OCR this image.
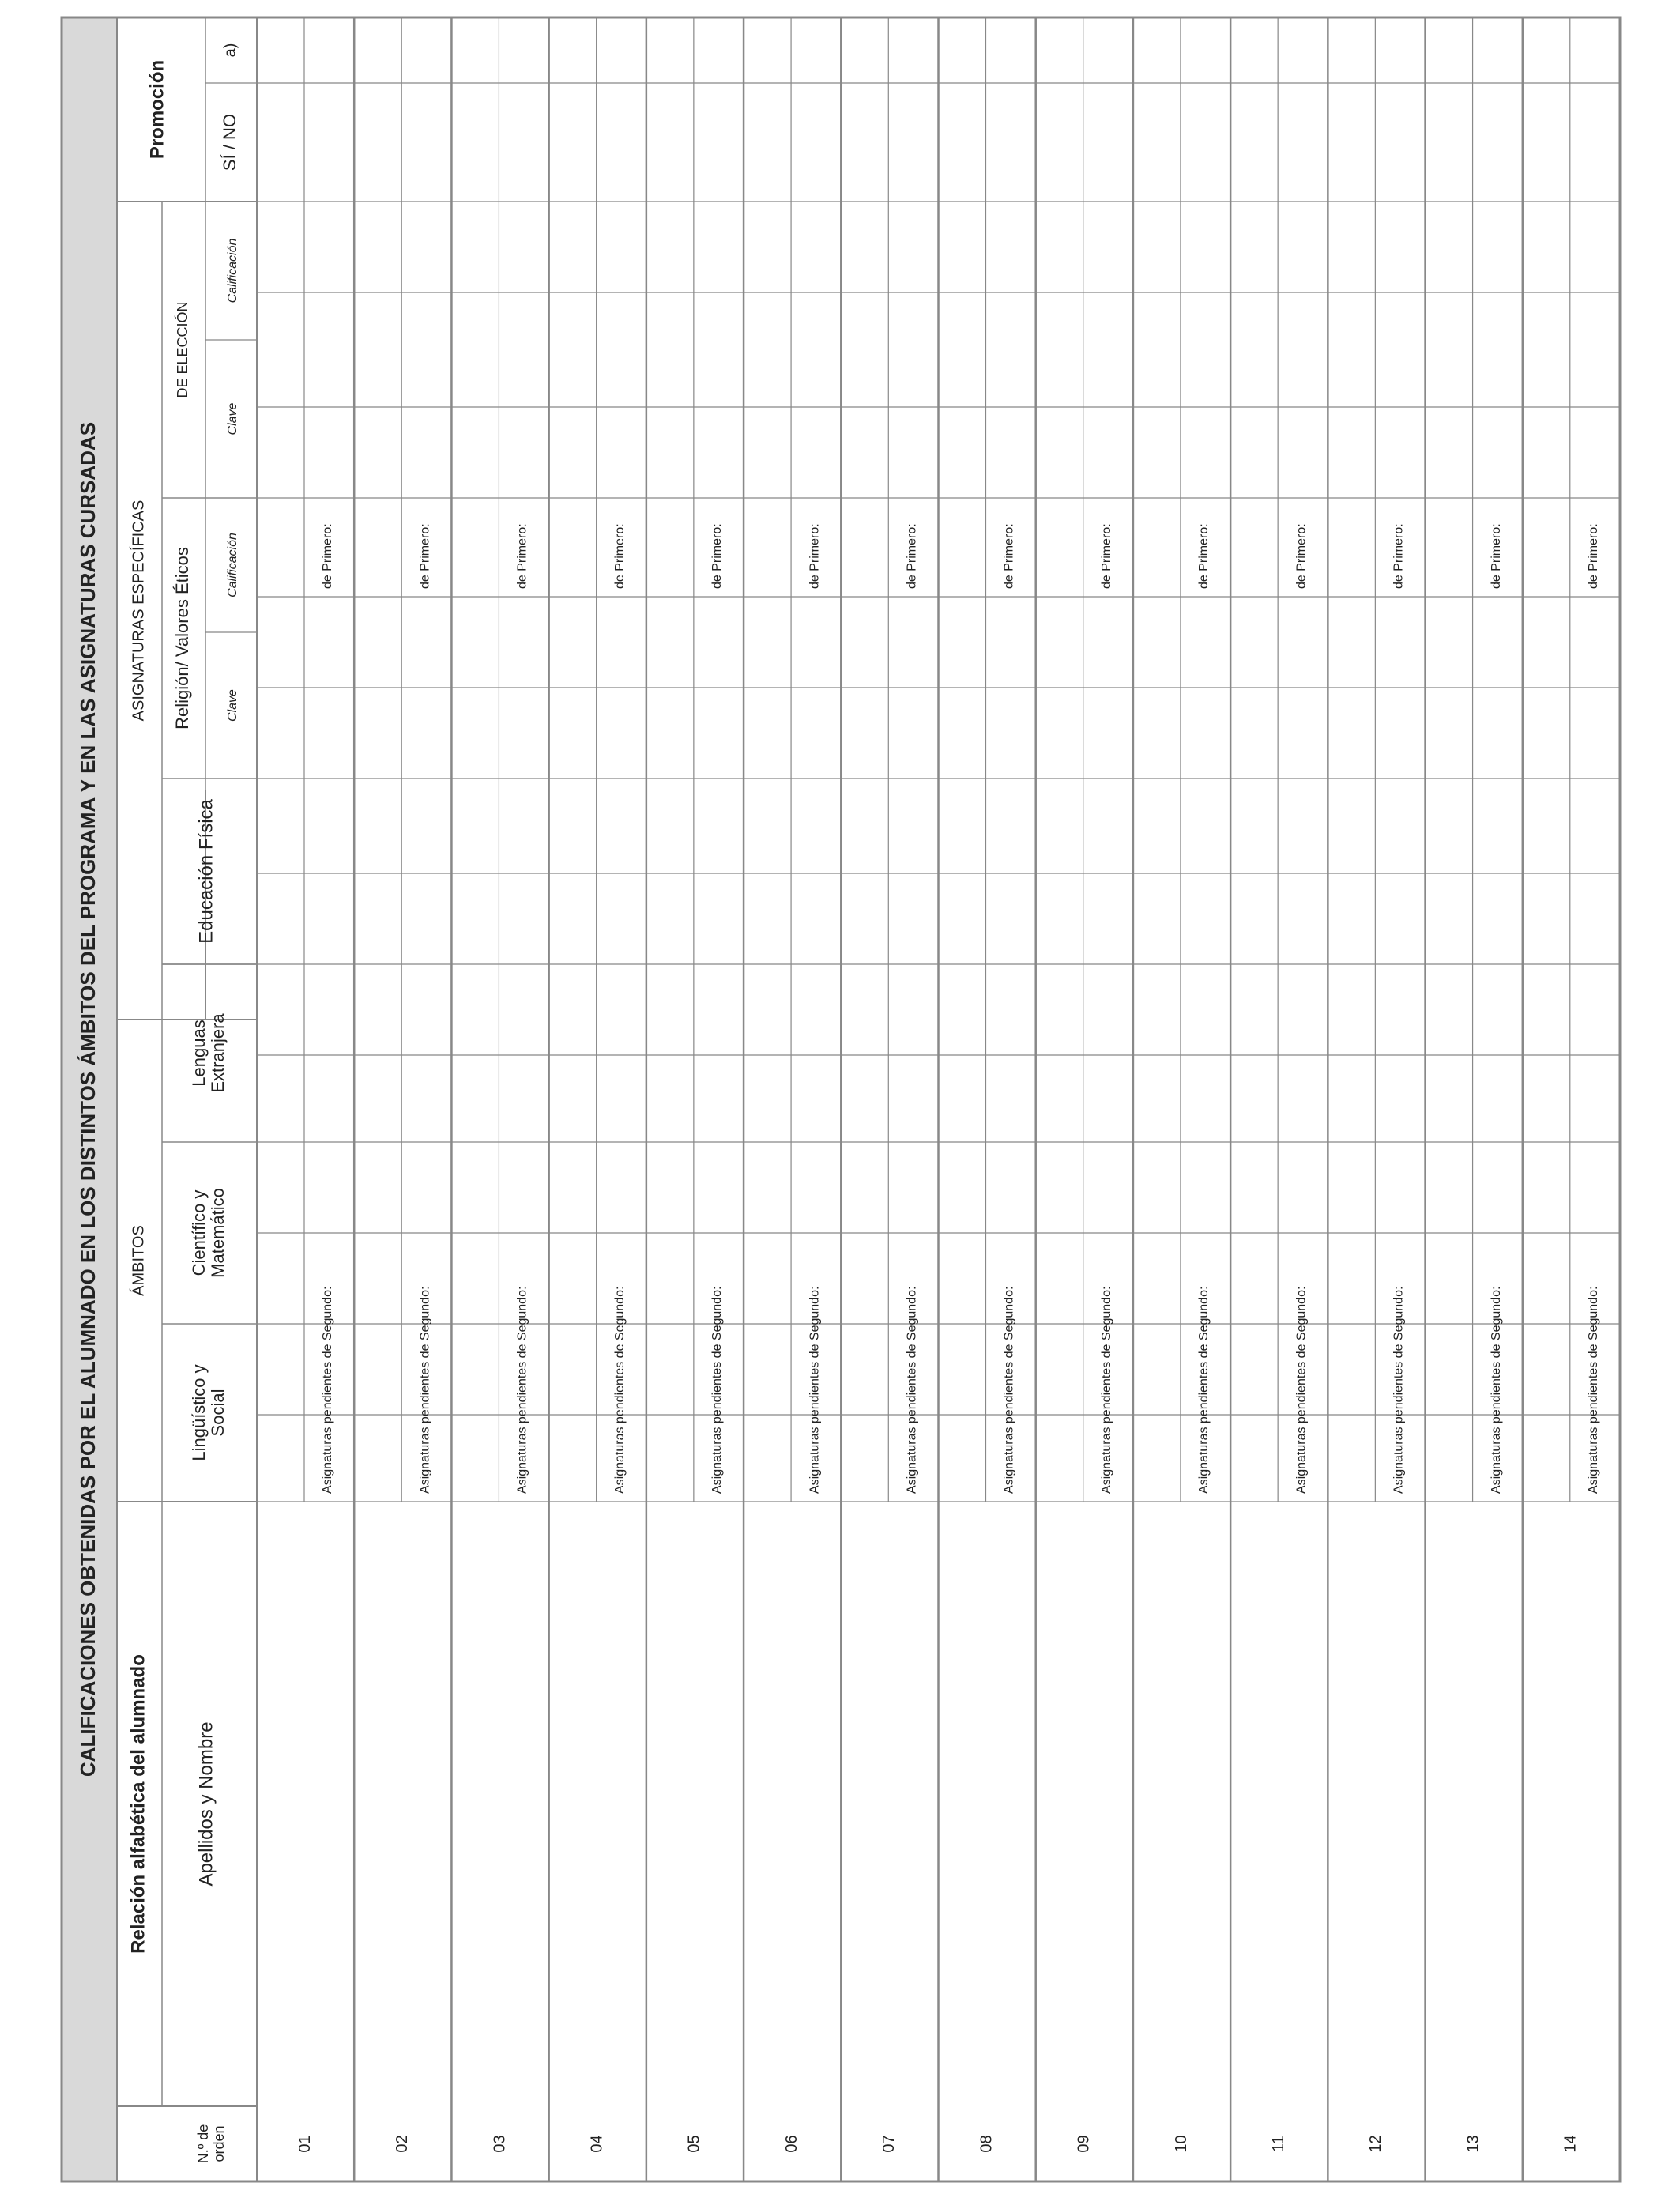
CALIFICACIONES OBTENIDAS POR EL ALUMNADO EN LOS DISTINTOS ÁMBITOS DEL PROGRAMA Y EN LAS ASIGNATURAS CURSADAS
Relación alfabética del alumnado Apellidos y Nombre
N.º deorden
ÁMBITOS
Lingüístico ySocial
Científico yMatemático
LenguasExtranjera
ASIGNATURAS ESPECÍFICAS
Educación Física
Religión/ Valores Éticos	Clave
Calificación
DE ELECCIÓN
Clave
Calificación
Promoción	SÍ / NO
a)
01
Asignaturas pendientes de Segundo:
de Primero:
02
Asignaturas pendientes de Segundo:
de Primero:
03
Asignaturas pendientes de Segundo:
de Primero:
04
Asignaturas pendientes de Segundo:
de Primero:
05
Asignaturas pendientes de Segundo:
de Primero:
06
Asignaturas pendientes de Segundo:
de Primero:
07
Asignaturas pendientes de Segundo:
de Primero:
08
Asignaturas pendientes de Segundo:
de Primero:
09
Asignaturas pendientes de Segundo:
de Primero:
10
Asignaturas pendientes de Segundo:
de Primero:
11
Asignaturas pendientes de Segundo:
de Primero:
12
Asignaturas pendientes de Segundo:
de Primero:
13
Asignaturas pendientes de Segundo:
de Primero:
14
Asignaturas pendientes de Segundo:
de Primero:
